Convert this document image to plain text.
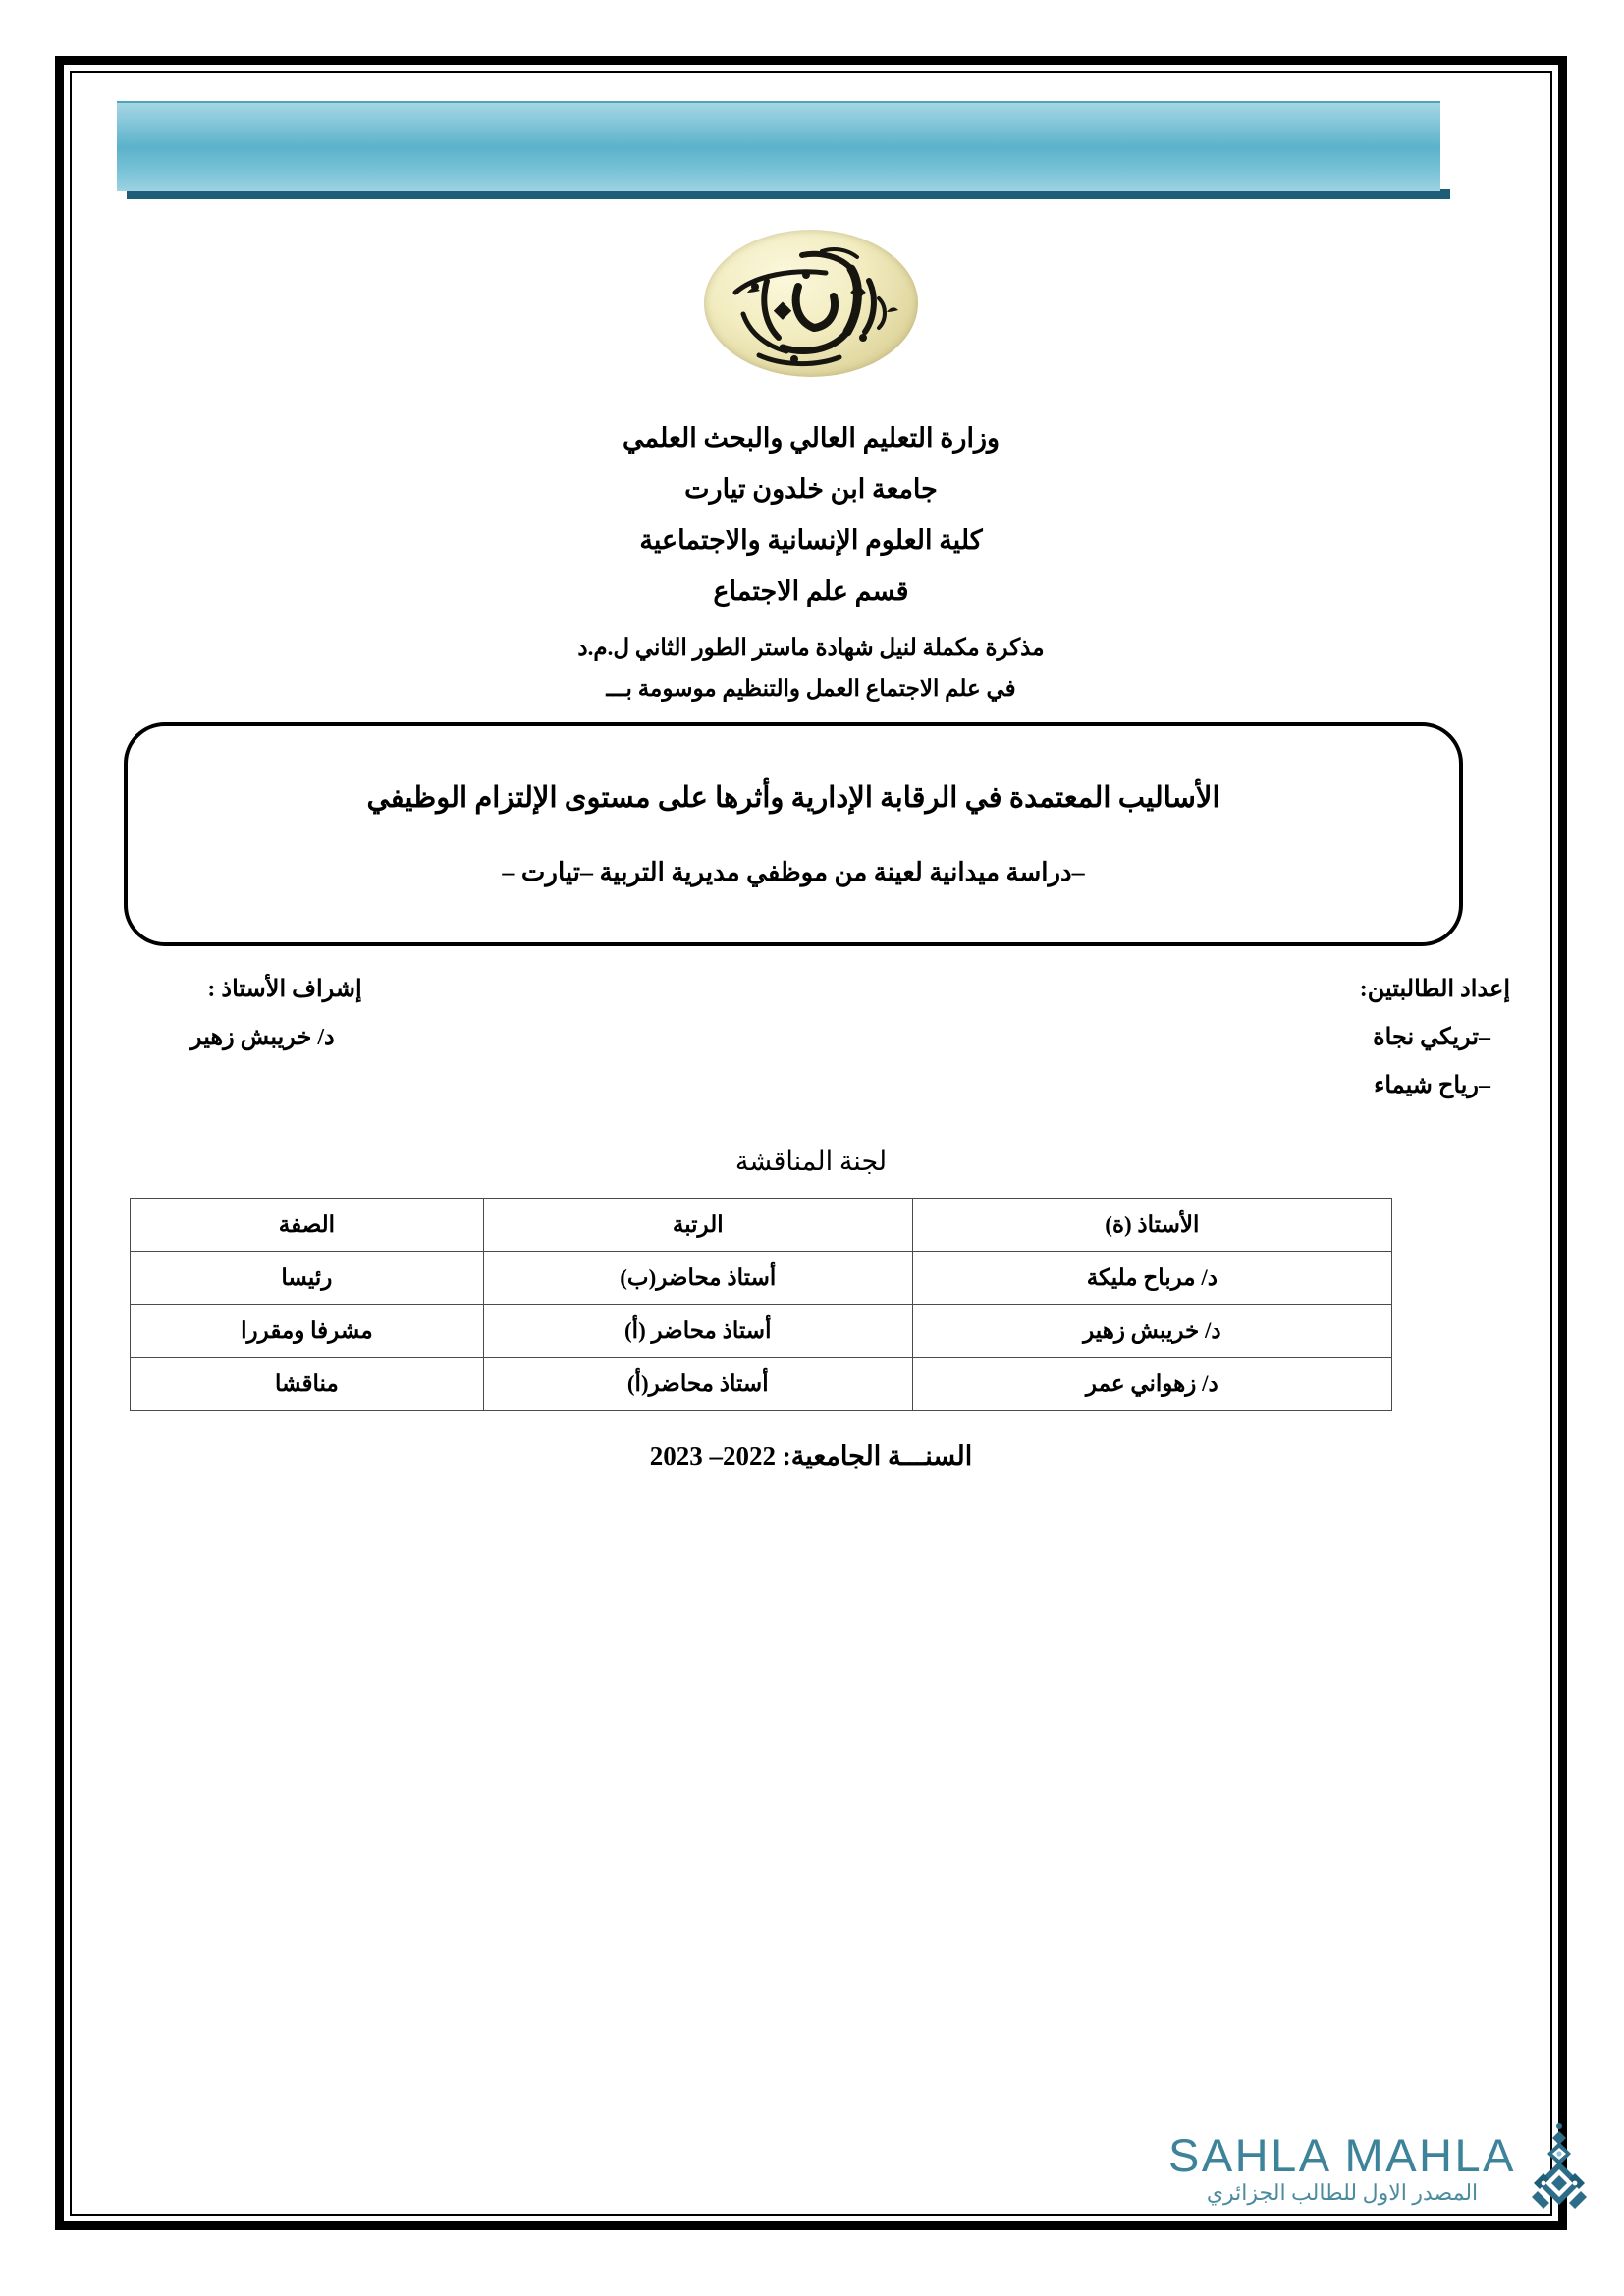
وزارة التعليم العالي والبحث العلمي
جامعة ابن خلدون تيارت
كلية العلوم الإنسانية والاجتماعية
قسم علم الاجتماع
مذكرة مكملة لنيل شهادة ماستر الطور الثاني ل.م.د
في علم الاجتماع العمل والتنظيم موسومة بـــ
الأساليب المعتمدة في الرقابة الإدارية وأثرها على مستوى الإلتزام الوظيفي
–دراسة ميدانية لعينة من موظفي مديرية التربية –تيارت –
إعداد الطالبتين:
–تريكي نجاة
–رياح شيماء
إشراف الأستاذ :
د/ خريبش زهير
لجنة المناقشة
الأستاذ (ة)	الرتبة	الصفة
د/ مرباح مليكة	أستاذ محاضر(ب)	رئيسا
د/ خريبش زهير	أستاذ محاضر (أ)	مشرفا ومقررا
د/ زهواني عمر	أستاذ محاضر(أ)	مناقشا
السنـــة الجامعية: 2022– 2023
SAHLA MAHLA
المصدر الاول للطالب الجزائري
